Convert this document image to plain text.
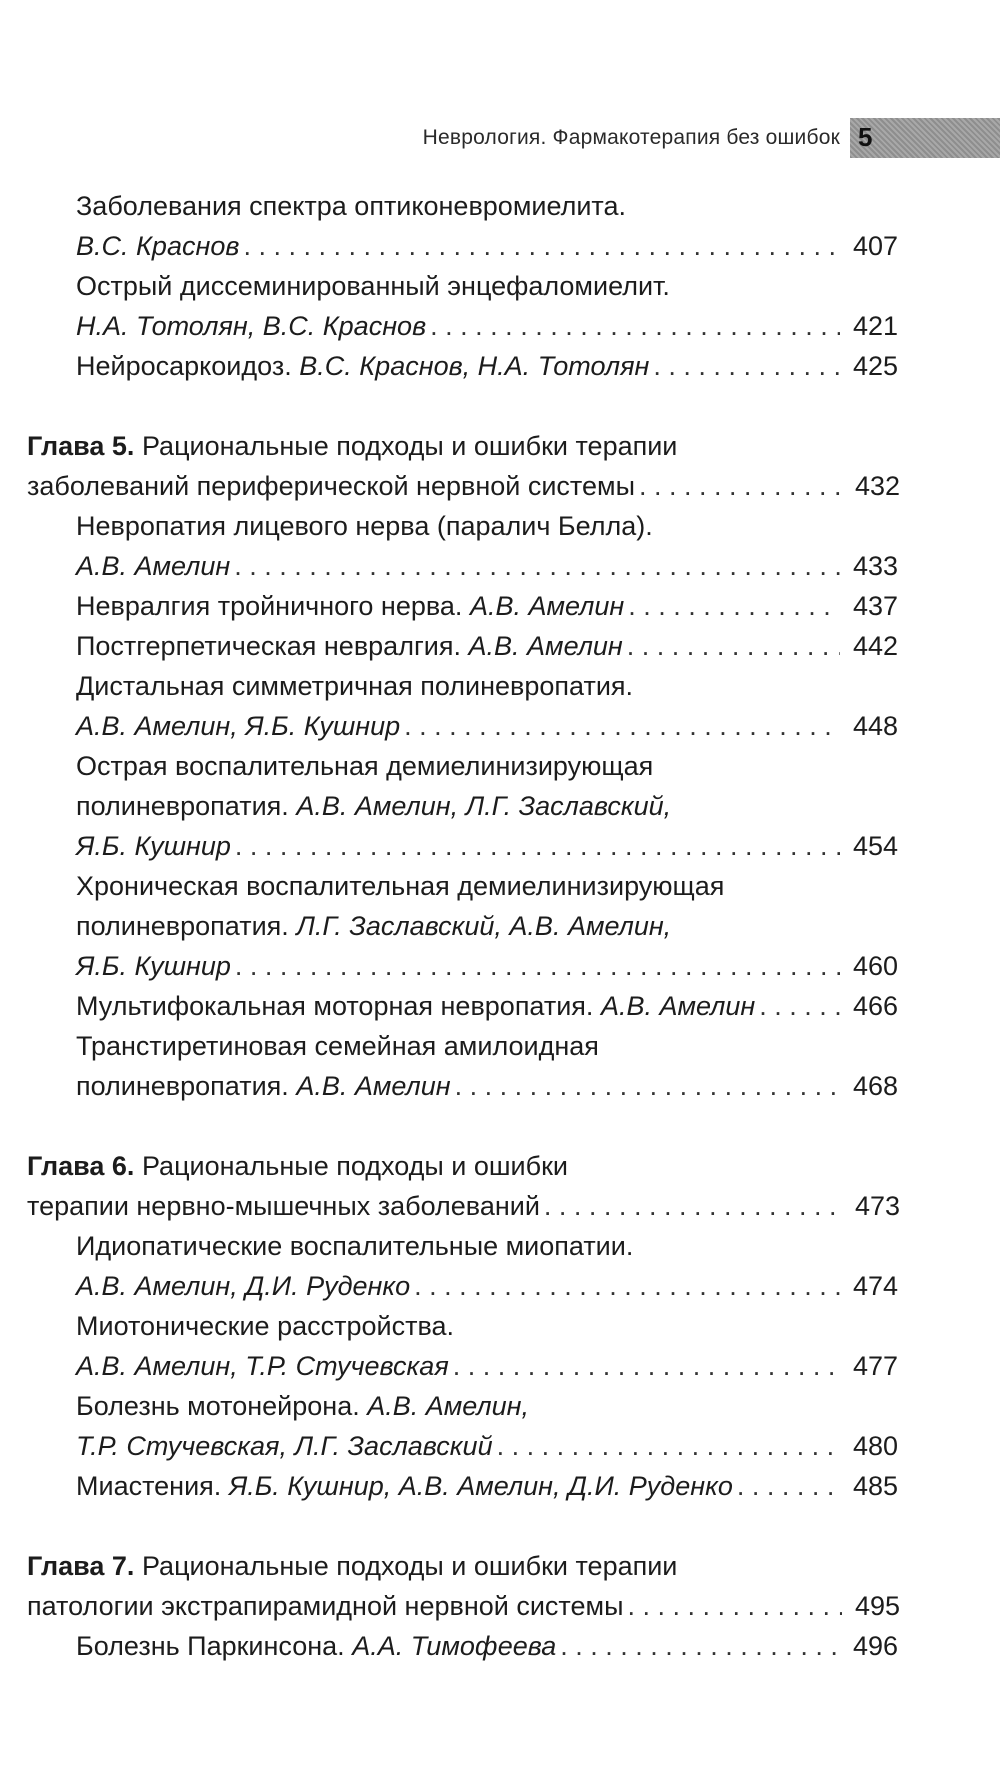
Неврология. Фармакотерапия без ошибок 5
Заболевания спектра оптиконевромиелита.
В.С. Краснов . . .	407
Острый диссеминированный энцефаломиелит.
Н.А. Тотолян, В.С. Краснов . . .	421
Нейросаркоидоз. В.С. Краснов, Н.А. Тотолян . . .	425
Глава 5. Рациональные подходы и ошибки терапии
заболеваний периферической нервной системы . . .	432
Невропатия лицевого нерва (паралич Белла).
А.В. Амелин . . .	433
Невралгия тройничного нерва. А.В. Амелин . . .	437
Постгерпетическая невралгия. А.В. Амелин . . .	442
Дистальная симметричная полиневропатия.
А.В. Амелин, Я.Б. Кушнир . . .	448
Острая воспалительная демиелинизирующая
полиневропатия. А.В. Амелин, Л.Г. Заславский,
Я.Б. Кушнир . . .	454
Хроническая воспалительная демиелинизирующая
полиневропатия. Л.Г. Заславский, А.В. Амелин,
Я.Б. Кушнир . . .	460
Мультифокальная моторная невропатия. А.В. Амелин . . .	466
Транстиретиновая семейная амилоидная
полиневропатия. А.В. Амелин . . .	468
Глава 6. Рациональные подходы и ошибки
терапии нервно-мышечных заболеваний . . .	473
Идиопатические воспалительные миопатии.
А.В. Амелин, Д.И. Руденко . . .	474
Миотонические расстройства.
А.В. Амелин, Т.Р. Стучевская . . .	477
Болезнь мотонейрона. А.В. Амелин,
Т.Р. Стучевская, Л.Г. Заславский . . .	480
Миастения. Я.Б. Кушнир, А.В. Амелин, Д.И. Руденко . . .	485
Глава 7. Рациональные подходы и ошибки терапии
патологии экстрапирамидной нервной системы . . .	495
Болезнь Паркинсона. А.А. Тимофеева . . .	496
